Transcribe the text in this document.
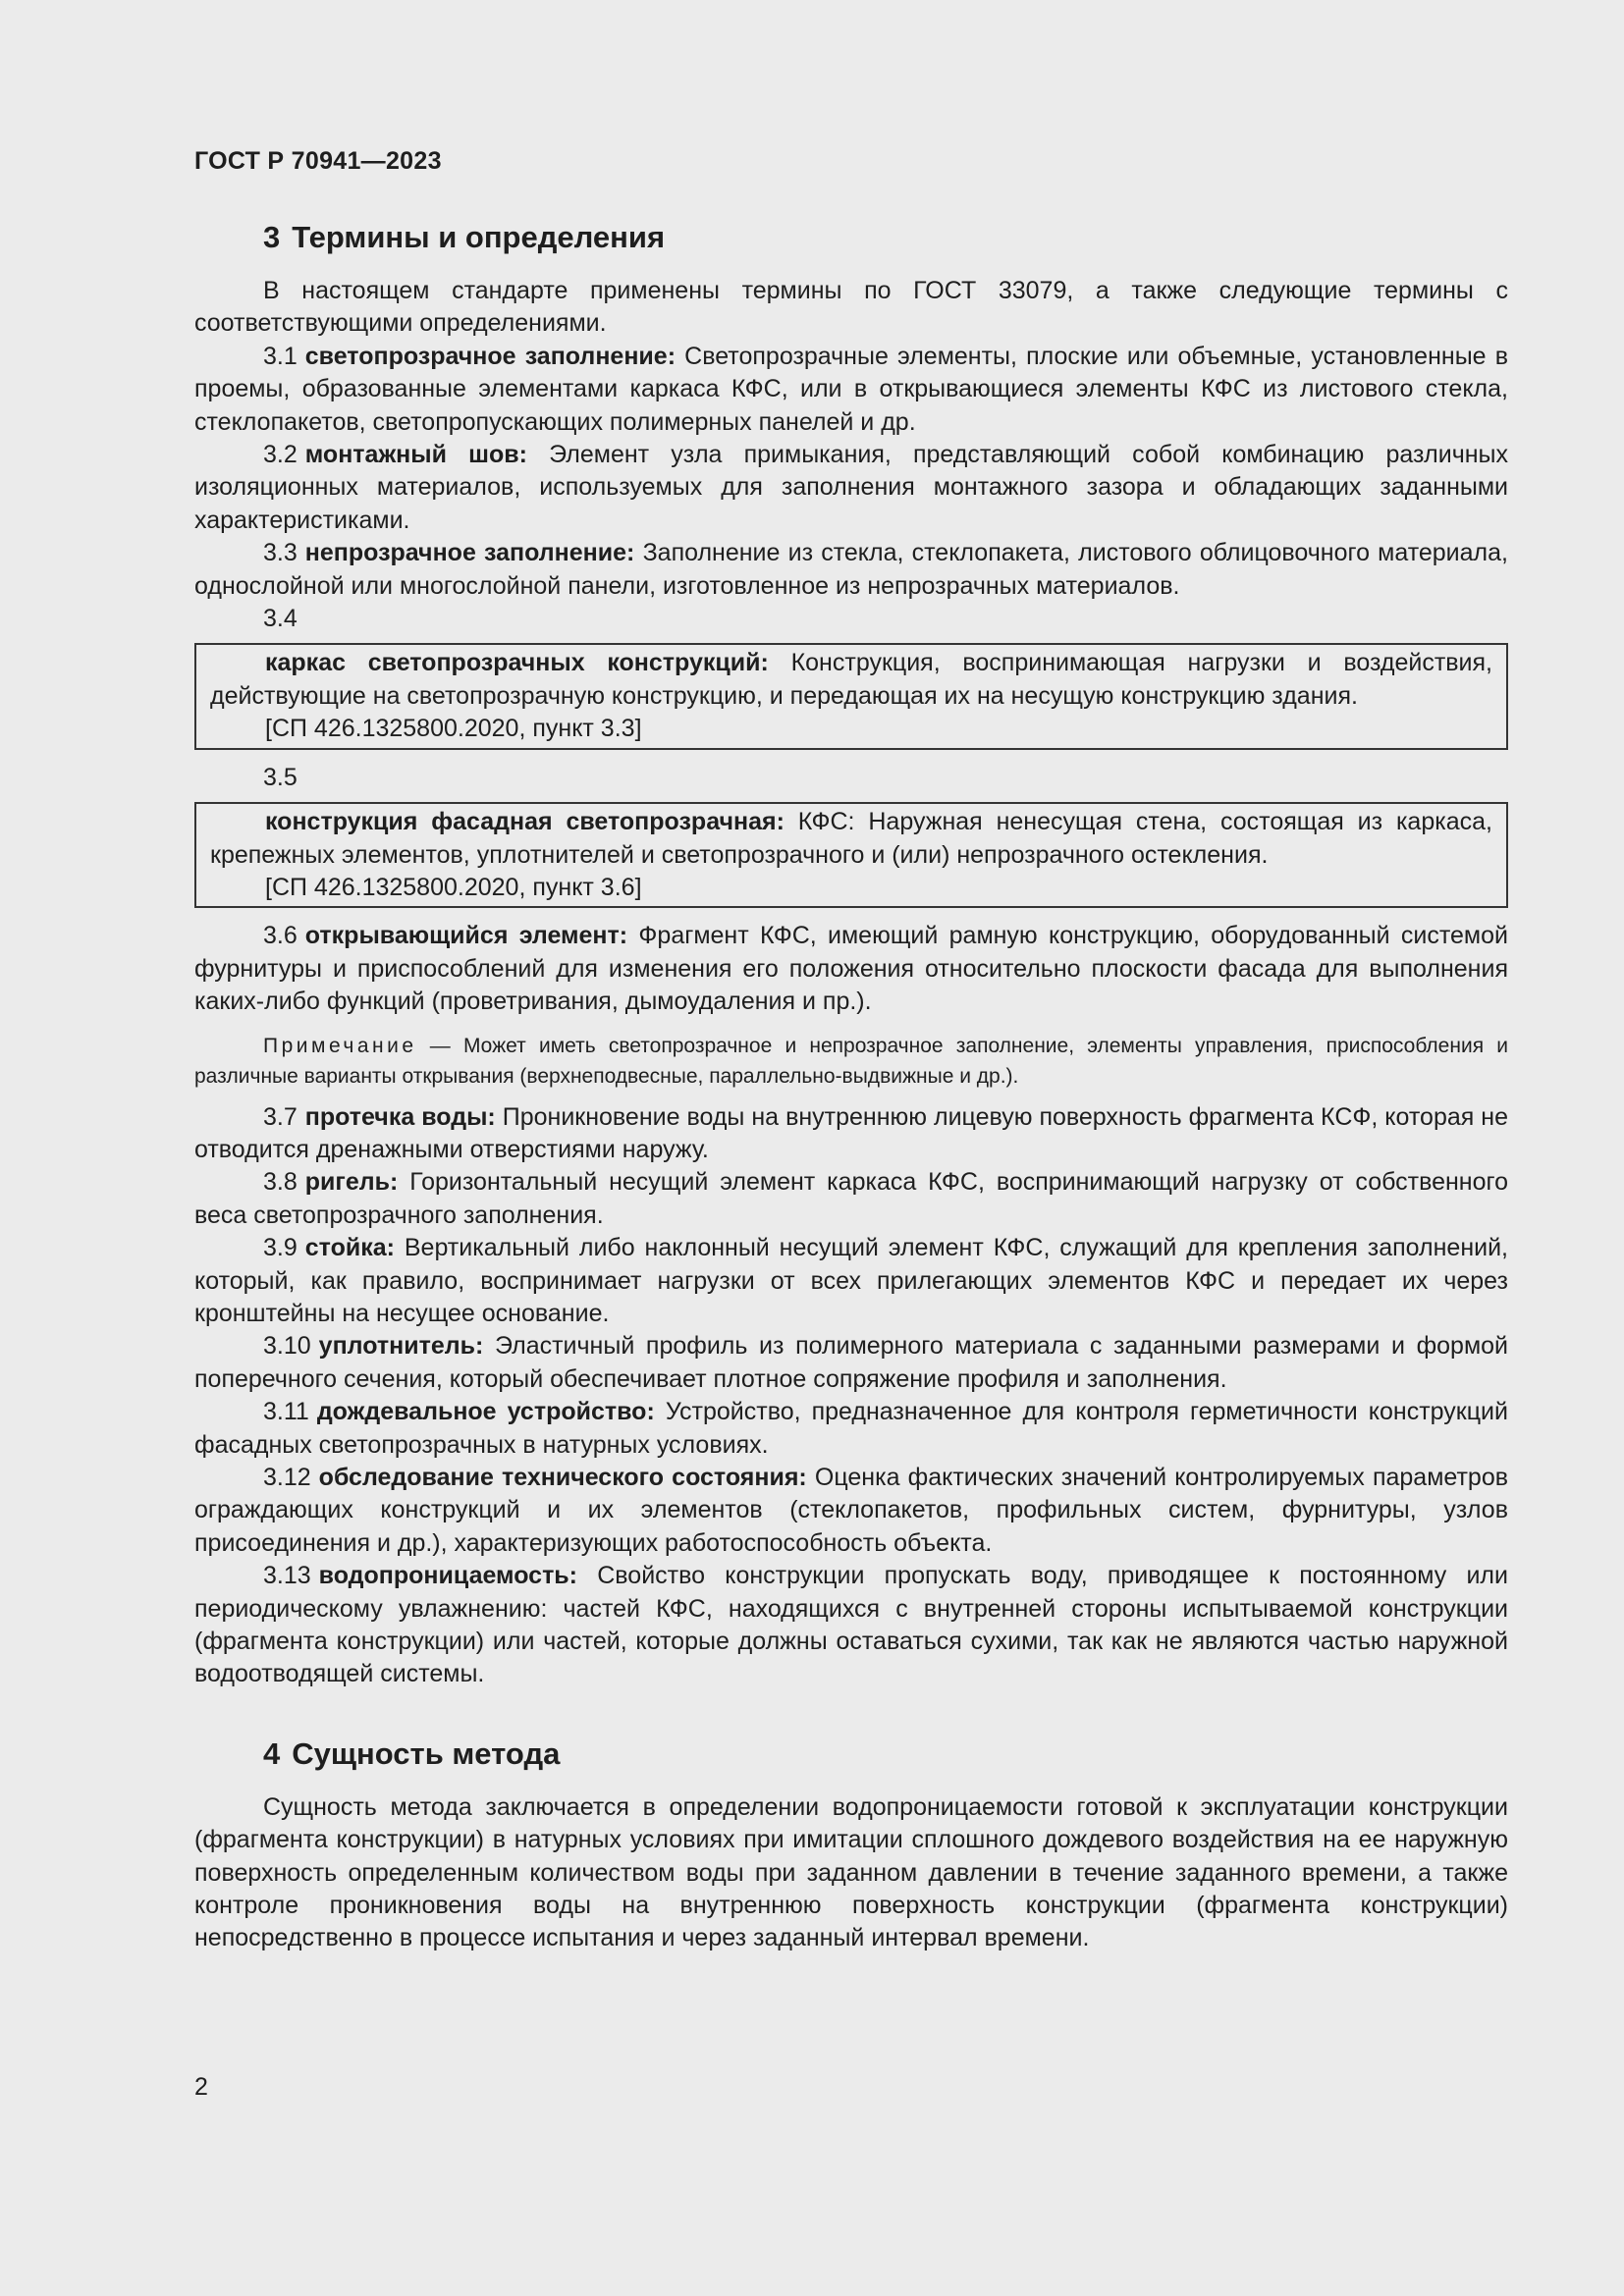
ГОСТ Р 70941—2023
3 Термины и определения

В настоящем стандарте применены термины по ГОСТ 33079, а также следующие термины с соответствующими определениями.

3.1 светопрозрачное заполнение: Светопрозрачные элементы, плоские или объемные, установленные в проемы, образованные элементами каркаса КФС, или в открывающиеся элементы КФС из листового стекла, стеклопакетов, светопропускающих полимерных панелей и др.

3.2 монтажный шов: Элемент узла примыкания, представляющий собой комбинацию различных изоляционных материалов, используемых для заполнения монтажного зазора и обладающих заданными характеристиками.

3.3 непрозрачное заполнение: Заполнение из стекла, стеклопакета, листового облицовочного материала, однослойной или многослойной панели, изготовленное из непрозрачных материалов.

3.4

каркас светопрозрачных конструкций: Конструкция, воспринимающая нагрузки и воздействия, действующие на светопрозрачную конструкцию, и передающая их на несущую конструкцию здания.

[СП 426.1325800.2020, пункт 3.3]

3.5

конструкция фасадная светопрозрачная: КФС: Наружная ненесущая стена, состоящая из каркаса, крепежных элементов, уплотнителей и светопрозрачного и (или) непрозрачного остекления.

[СП 426.1325800.2020, пункт 3.6]

3.6 открывающийся элемент: Фрагмент КФС, имеющий рамную конструкцию, оборудованный системой фурнитуры и приспособлений для изменения его положения относительно плоскости фасада для выполнения каких-либо функций (проветривания, дымоудаления и пр.).

Примечание — Может иметь светопрозрачное и непрозрачное заполнение, элементы управления, приспособления и различные варианты открывания (верхнеподвесные, параллельно-выдвижные и др.).

3.7 протечка воды: Проникновение воды на внутреннюю лицевую поверхность фрагмента КСФ, которая не отводится дренажными отверстиями наружу.

3.8 ригель: Горизонтальный несущий элемент каркаса КФС, воспринимающий нагрузку от собственного веса светопрозрачного заполнения.

3.9 стойка: Вертикальный либо наклонный несущий элемент КФС, служащий для крепления заполнений, который, как правило, воспринимает нагрузки от всех прилегающих элементов КФС и передает их через кронштейны на несущее основание.

3.10 уплотнитель: Эластичный профиль из полимерного материала с заданными размерами и формой поперечного сечения, который обеспечивает плотное сопряжение профиля и заполнения.

3.11 дождевальное устройство: Устройство, предназначенное для контроля герметичности конструкций фасадных светопрозрачных в натурных условиях.

3.12 обследование технического состояния: Оценка фактических значений контролируемых параметров ограждающих конструкций и их элементов (стеклопакетов, профильных систем, фурнитуры, узлов присоединения и др.), характеризующих работоспособность объекта.

3.13 водопроницаемость: Свойство конструкции пропускать воду, приводящее к постоянному или периодическому увлажнению: частей КФС, находящихся с внутренней стороны испытываемой конструкции (фрагмента конструкции) или частей, которые должны оставаться сухими, так как не являются частью наружной водоотводящей системы.

4 Сущность метода

Сущность метода заключается в определении водопроницаемости готовой к эксплуатации конструкции (фрагмента конструкции) в натурных условиях при имитации сплошного дождевого воздействия на ее наружную поверхность определенным количеством воды при заданном давлении в течение заданного времени, а также контроле проникновения воды на внутреннюю поверхность конструкции (фрагмента конструкции) непосредственно в процессе испытания и через заданный интервал времени.

2
